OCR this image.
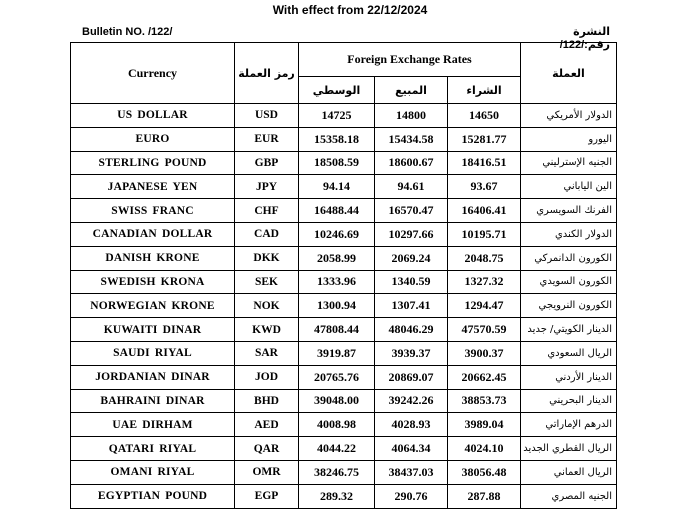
With effect from 22/12/2024
Bulletin NO. /122/	النشرة رقم:/122/
Currency	رمز العملة	Foreign Exchange Rates			العملة
		الوسطي	المبيع	الشراء	
US DOLLAR	USD	14725	14800	14650	الدولار الأمريكي
EURO	EUR	15358.18	15434.58	15281.77	اليورو
STERLING POUND	GBP	18508.59	18600.67	18416.51	الجنيه الإسترليني
JAPANESE YEN	JPY	94.14	94.61	93.67	الين الياباني
SWISS FRANC	CHF	16488.44	16570.47	16406.41	الفرنك السويسري
CANADIAN DOLLAR	CAD	10246.69	10297.66	10195.71	الدولار الكندي
DANISH KRONE	DKK	2058.99	2069.24	2048.75	الكورون الدانمركي
SWEDISH KRONA	SEK	1333.96	1340.59	1327.32	الكورون السويدي
NORWEGIAN KRONE	NOK	1300.94	1307.41	1294.47	الكورون النرويجي
KUWAITI DINAR	KWD	47808.44	48046.29	47570.59	الدينار الكويتي/ جديد
SAUDI RIYAL	SAR	3919.87	3939.37	3900.37	الريال السعودي
JORDANIAN DINAR	JOD	20765.76	20869.07	20662.45	الدينار الأردني
BAHRAINI DINAR	BHD	39048.00	39242.26	38853.73	الدينار البحريني
UAE DIRHAM	AED	4008.98	4028.93	3989.04	الدرهم الإماراتي
QATARI RIYAL	QAR	4044.22	4064.34	4024.10	الريال القطري الجديد
OMANI RIYAL	OMR	38246.75	38437.03	38056.48	الريال العماني
EGYPTIAN POUND	EGP	289.32	290.76	287.88	الجنيه المصري
